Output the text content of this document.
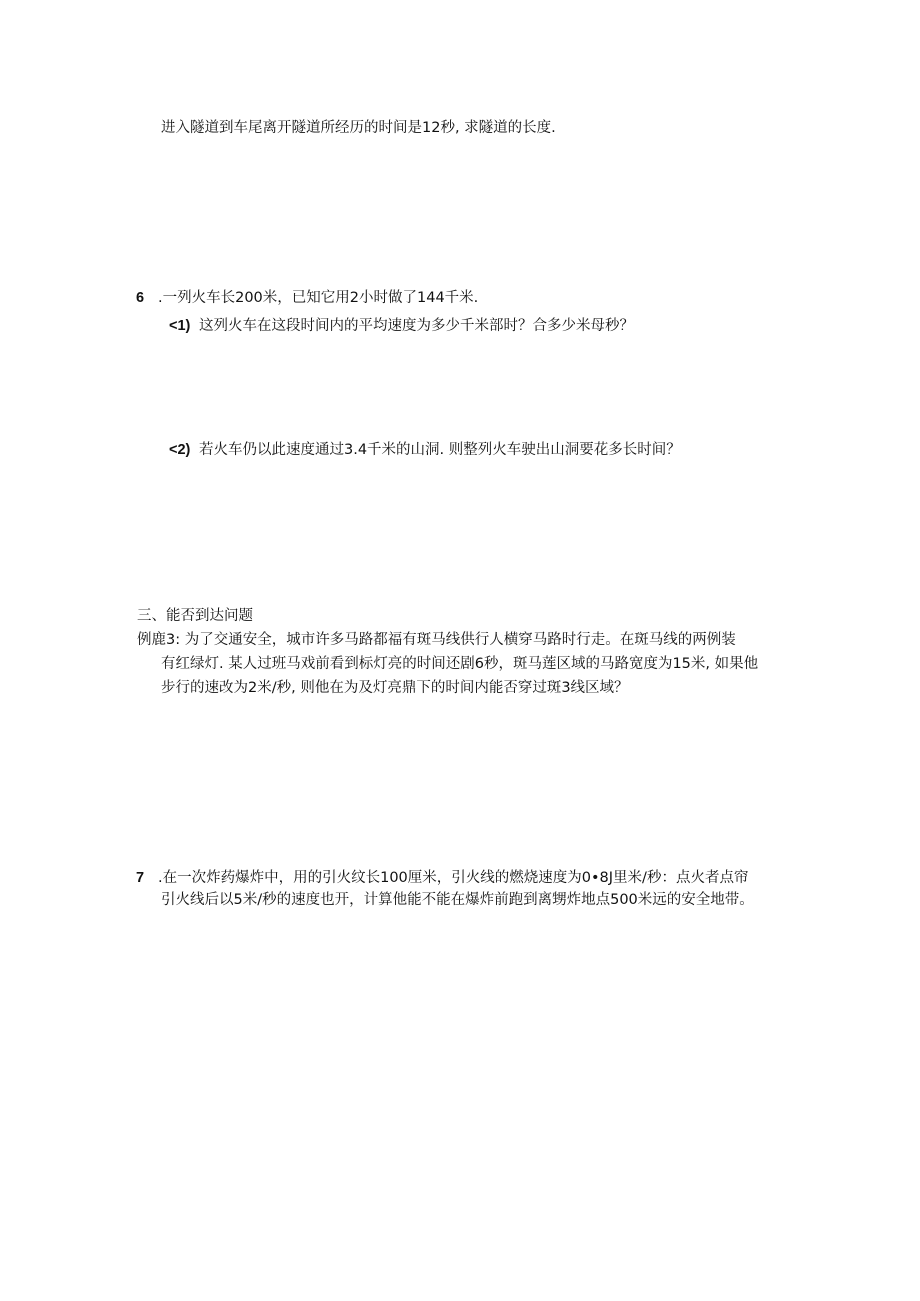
进入隧道到车尾离开隧道所经历的时间是12秒, 求隧道的长度.
6 .一列火车长200米，已知它用2小时做了144千米.
<1) 这列火车在这段时间内的平均速度为多少千米部时？合多少米母秒？
<2) 若火车仍以此速度通过3.4千米的山洞. 则整列火车驶出山洞要花多长时间？
三、能否到达问题
例鹿3: 为了交通安全，城市许多马路都福有斑马线供行人横穿马路时行走。在斑马线的两例装
有红绿灯. 某人过班马戏前看到标灯亮的时间还剧6秒，斑马莲区域的马路宽度为15米, 如果他
步行的速改为2米/秒, 则他在为及灯亮鼎下的时间内能否穿过斑3线区域？
7 .在一次炸药爆炸中，用的引火纹长100厘米，引火线的燃烧速度为0•8J里米/秒：点火者点帘
引火线后以5米/秒的速度也开，计算他能不能在爆炸前跑到离甥炸地点500米远的安全地带。
